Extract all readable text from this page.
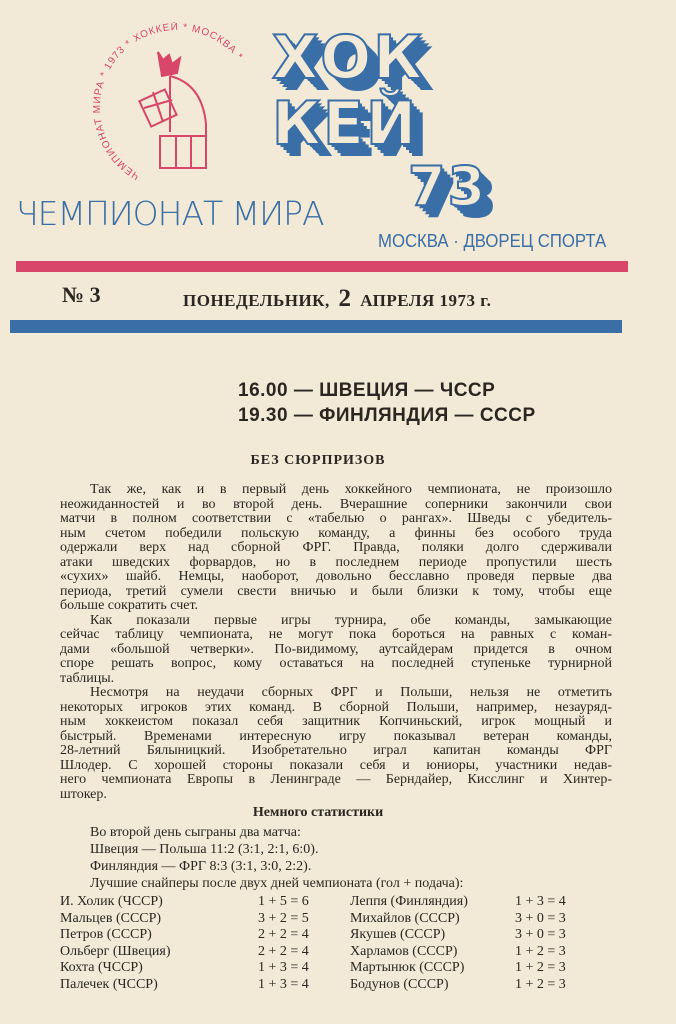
ЧЕМПИОНАТ МИРА * 1973 * ХОККЕЙ * МОСКВА * ХОК
КЕЙ
73
ЧЕМПИОНАТ МИРА
МОСКВА · ДВОРЕЦ СПОРТА
№ 3	ПОНЕДЕЛЬНИК, 2 АПРЕЛЯ 1973 г.
16.00 — ШВЕЦИЯ — ЧССР
19.30 — ФИНЛЯНДИЯ — СССР
БЕЗ СЮРПРИЗОВ
Так же, как и в первый день хоккейного чемпионата, не произошло
неожиданностей и во второй день. Вчерашние соперники закончили свои
матчи в полном соответствии с «табелью о рангах». Шведы с убедитель-
ным счетом победили польскую команду, а финны без особого труда
одержали верх над сборной ФРГ. Правда, поляки долго сдерживали
атаки шведских форвардов, но в последнем периоде пропустили шесть
«сухих» шайб. Немцы, наоборот, довольно бесславно проведя первые два
периода, третий сумели свести вничью и были близки к тому, чтобы еще
больше сократить счет.
Как показали первые игры турнира, обе команды, замыкающие
сейчас таблицу чемпионата, не могут пока бороться на равных с коман-
дами «большой четверки». По-видимому, аутсайдерам придется в очном
споре решать вопрос, кому оставаться на последней ступеньке турнирной
таблицы.
Несмотря на неудачи сборных ФРГ и Польши, нельзя не отметить
некоторых игроков этих команд. В сборной Польши, например, незауряд-
ным хоккеистом показал себя защитник Копчиньский, игрок мощный и
быстрый. Временами интересную игру показывал ветеран команды,
28-летний Бялыницкий. Изобретательно играл капитан команды ФРГ
Шлодер. С хорошей стороны показали себя и юниоры, участники недав-
него чемпионата Европы в Ленинграде — Берндайер, Кисслинг и Хинтер-
штокер.
Немного статистики
Во второй день сыграны два матча:
Швеция — Польша 11:2 (3:1, 2:1, 6:0).
Финляндия — ФРГ 8:3 (3:1, 3:0, 2:2).
Лучшие снайперы после двух дней чемпионата (гол + подача):
И. Холик (ЧССР)	1 + 5 = 6	Леппя (Финляндия)	1 + 3 = 4
Мальцев (СССР)	3 + 2 = 5	Михайлов (СССР)	3 + 0 = 3
Петров (СССР)	2 + 2 = 4	Якушев (СССР)	3 + 0 = 3
Ольберг (Швеция)	2 + 2 = 4	Харламов (СССР)	1 + 2 = 3
Кохта (ЧССР)	1 + 3 = 4	Мартынюк (СССР)	1 + 2 = 3
Палечек (ЧССР)	1 + 3 = 4	Бодунов (СССР)	1 + 2 = 3
